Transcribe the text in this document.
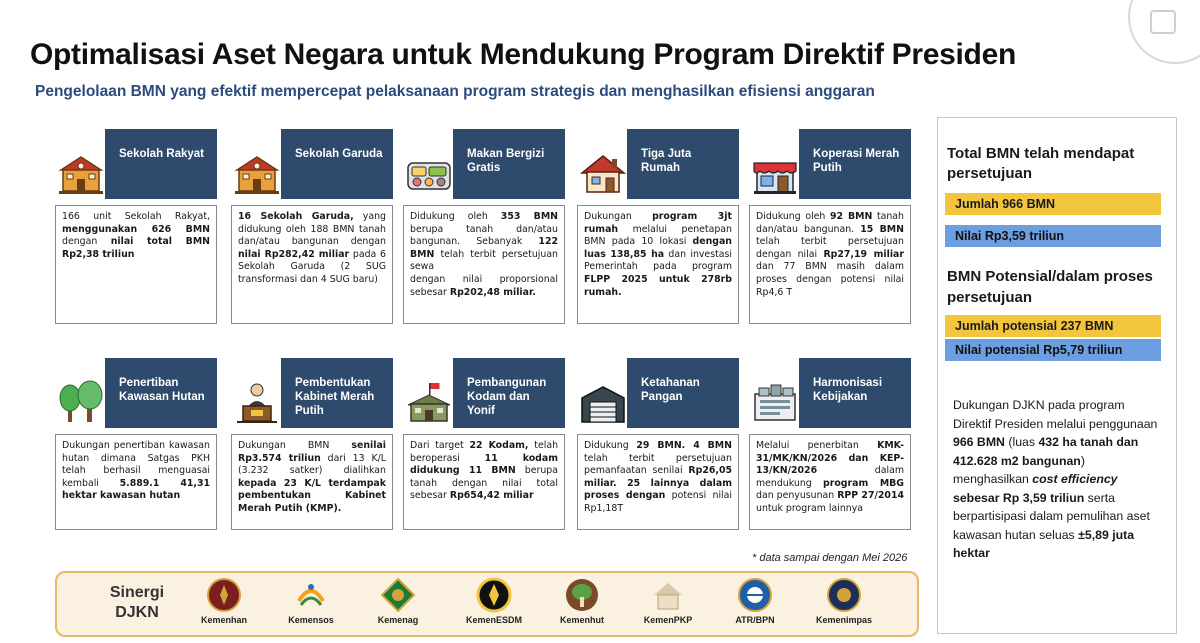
Optimalisasi Aset Negara untuk Mendukung Program Direktif Presiden
Pengelolaan BMN yang efektif mempercepat pelaksanaan program strategis dan menghasilkan efisiensi anggaran
Sekolah Rakyat
166 unit Sekolah Rakyat, menggunakan 626 BMN dengan nilai total BMN Rp2,38 triliun
Sekolah Garuda
16 Sekolah Garuda, yang didukung oleh 188 BMN tanah dan/atau bangunan dengan nilai Rp282,42 miliar pada 6 Sekolah Garuda (2 SUG transformasi dan 4 SUG baru)
Makan Bergizi Gratis
Didukung oleh 353 BMN berupa tanah dan/atau bangunan. Sebanyak 122 BMN telah terbit persetujuan sewa
dengan nilai proporsional sebesar Rp202,48 miliar.
Tiga Juta Rumah
Dukungan program 3jt rumah melalui penetapan BMN pada 10 lokasi dengan luas 138,85 ha dan investasi Pemerintah pada program FLPP 2025 untuk 278rb rumah.
Koperasi Merah Putih
Didukung oleh 92 BMN tanah dan/atau bangunan. 15 BMN telah terbit persetujuan dengan nilai Rp27,19 miliar dan 77 BMN masih dalam proses dengan potensi nilai Rp4,6 T
Penertiban Kawasan Hutan
Dukungan penertiban kawasan hutan dimana Satgas PKH telah berhasil menguasai kembali 5.889.1 41,31 hektar kawasan hutan
Pembentukan Kabinet Merah Putih
Dukungan BMN senilai Rp3.574 triliun dari 13 K/L (3.232 satker) dialihkan kepada 23 K/L terdampak pembentukan Kabinet Merah Putih (KMP).
Pembangunan Kodam dan Yonif
Dari target 22 Kodam, telah beroperasi 11 kodam didukung 11 BMN berupa tanah dengan nilai total sebesar Rp654,42 miliar
Ketahanan Pangan
Didukung 29 BMN. 4 BMN telah terbit persetujuan pemanfaatan senilai Rp26,05 miliar. 25 lainnya dalam proses dengan potensi nilai Rp1,18T
Harmonisasi Kebijakan
Melalui penerbitan KMK-31/MK/KN/2026 dan KEP-13/KN/2026 dalam mendukung program MBG dan penyusunan RPP 27/2014 untuk program lainnya
Total BMN telah mendapat persetujuan
Jumlah 966 BMN
Nilai Rp3,59 triliun
BMN Potensial/dalam proses persetujuan
Jumlah potensial 237 BMN
Nilai potensial Rp5,79 triliun
Dukungan DJKN pada program Direktif Presiden melalui penggunaan 966 BMN (luas 432 ha tanah dan 412.628 m2 bangunan) menghasilkan cost efficiency sebesar Rp 3,59 triliun serta berpartisipasi dalam pemulihan aset kawasan hutan seluas ±5,89 juta hektar
* data sampai dengan Mei 2026
Sinergi
DJKN	Kemenhan	Kemensos	Kemenag	KemenESDM	Kemenhut	KemenPKP	ATR/BPN	Kemenimpas
